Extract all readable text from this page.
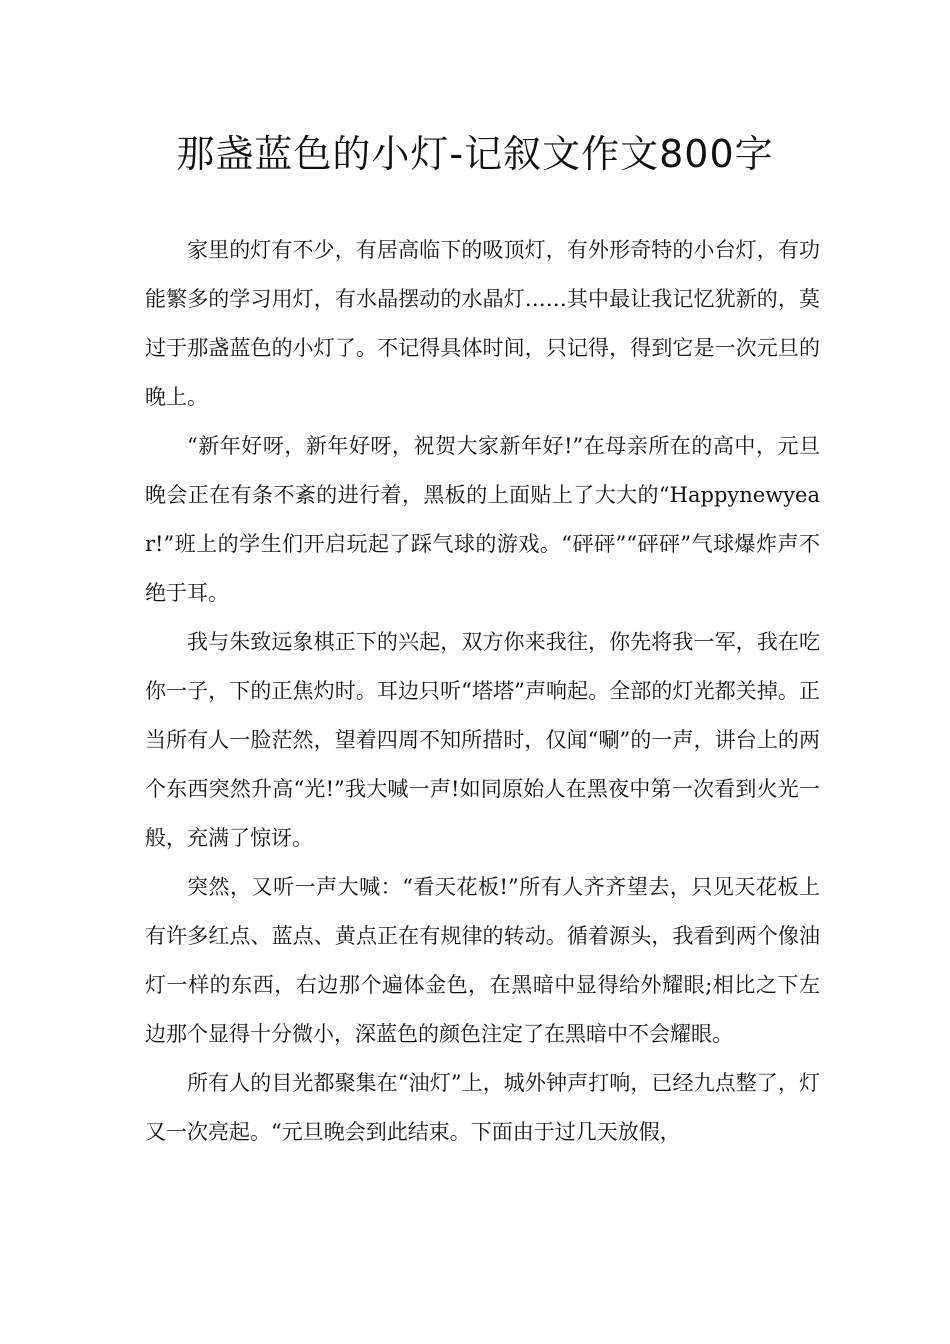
那盏蓝色的小灯-记叙文作文800字

家里的灯有不少，有居高临下的吸顶灯，有外形奇特的小台灯，有功能繁多的学习用灯，有水晶摆动的水晶灯……其中最让我记忆犹新的，莫过于那盏蓝色的小灯了。不记得具体时间，只记得，得到它是一次元旦的晚上。

“新年好呀，新年好呀，祝贺大家新年好!”在母亲所在的高中，元旦晚会正在有条不紊的进行着，黑板的上面贴上了大大的“Happynewyear!”班上的学生们开启玩起了踩气球的游戏。“砰砰”“砰砰”气球爆炸声不绝于耳。

我与朱致远象棋正下的兴起，双方你来我往，你先将我一军，我在吃你一子，下的正焦灼时。耳边只听“塔塔”声响起。全部的灯光都关掉。正当所有人一脸茫然，望着四周不知所措时，仅闻“唰”的一声，讲台上的两个东西突然升高“光!”我大喊一声!如同原始人在黑夜中第一次看到火光一般，充满了惊讶。

突然，又听一声大喊：“看天花板!”所有人齐齐望去，只见天花板上有许多红点、蓝点、黄点正在有规律的转动。循着源头，我看到两个像油灯一样的东西，右边那个遍体金色，在黑暗中显得给外耀眼;相比之下左边那个显得十分微小，深蓝色的颜色注定了在黑暗中不会耀眼。

所有人的目光都聚集在“油灯”上，城外钟声打响，已经九点整了，灯又一次亮起。“元旦晚会到此结束。下面由于过几天放假，
